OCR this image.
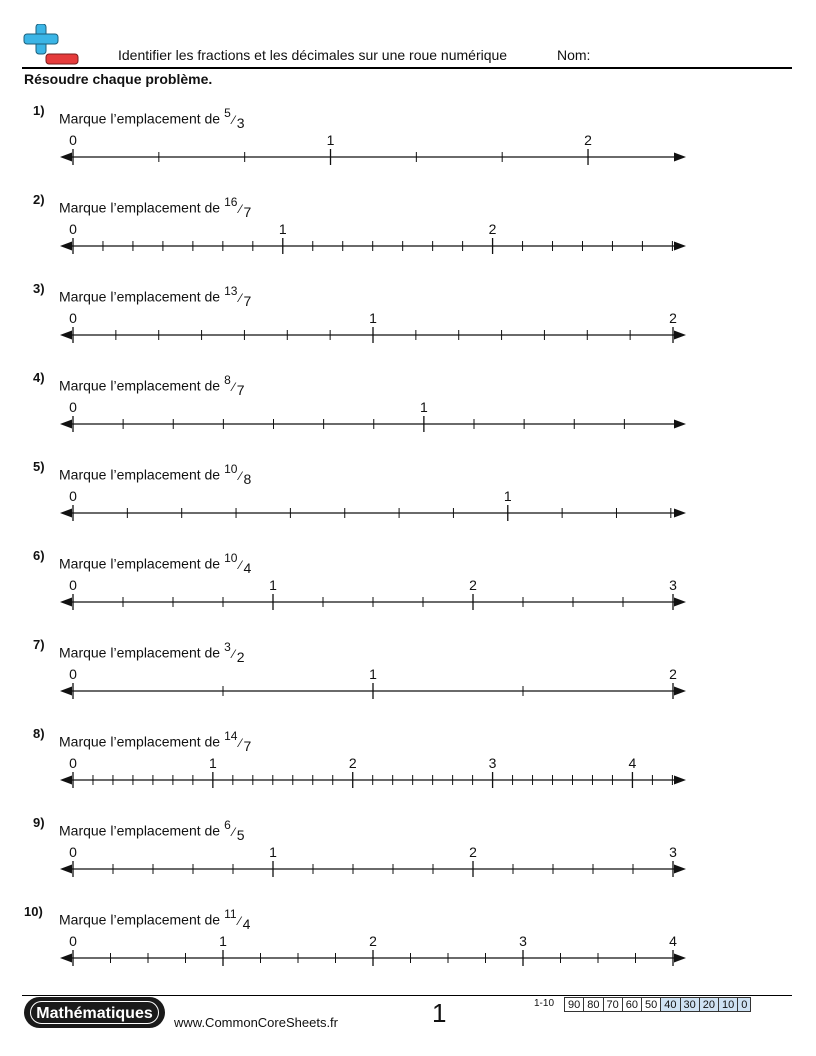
Identifier les fractions et les décimales sur une roue numérique	Nom:
Résoudre chaque problème.
1)
Marque l’emplacement de $^5$ ⁄ 3
0	1	2
2)
Marque l’emplacement de $^{16}$ ⁄ 7
0	1	2
3)
Marque l’emplacement de $^{13}$ ⁄ 7
0	1	2
4)
Marque l’emplacement de $^8$ ⁄ 7
0	1
5)
Marque l’emplacement de $^{10}$ ⁄ 8
0	1
6)
Marque l’emplacement de $^{10}$ ⁄ 4
0	1	2	3
7)
Marque l’emplacement de $^3$ ⁄ 2
0	1	2
8)
Marque l’emplacement de $^{14}$ ⁄ 7
0	1	2	3	4
9)
Marque l’emplacement de $^6$ ⁄ 5
0	1	2	3
10)
Marque l’emplacement de $^{11}$ ⁄ 4
0	1	2	3	4
Mathématiques
www.CommonCoreSheets.fr	1	1-10	90 80 70 60 50 40 30 20 10 0
